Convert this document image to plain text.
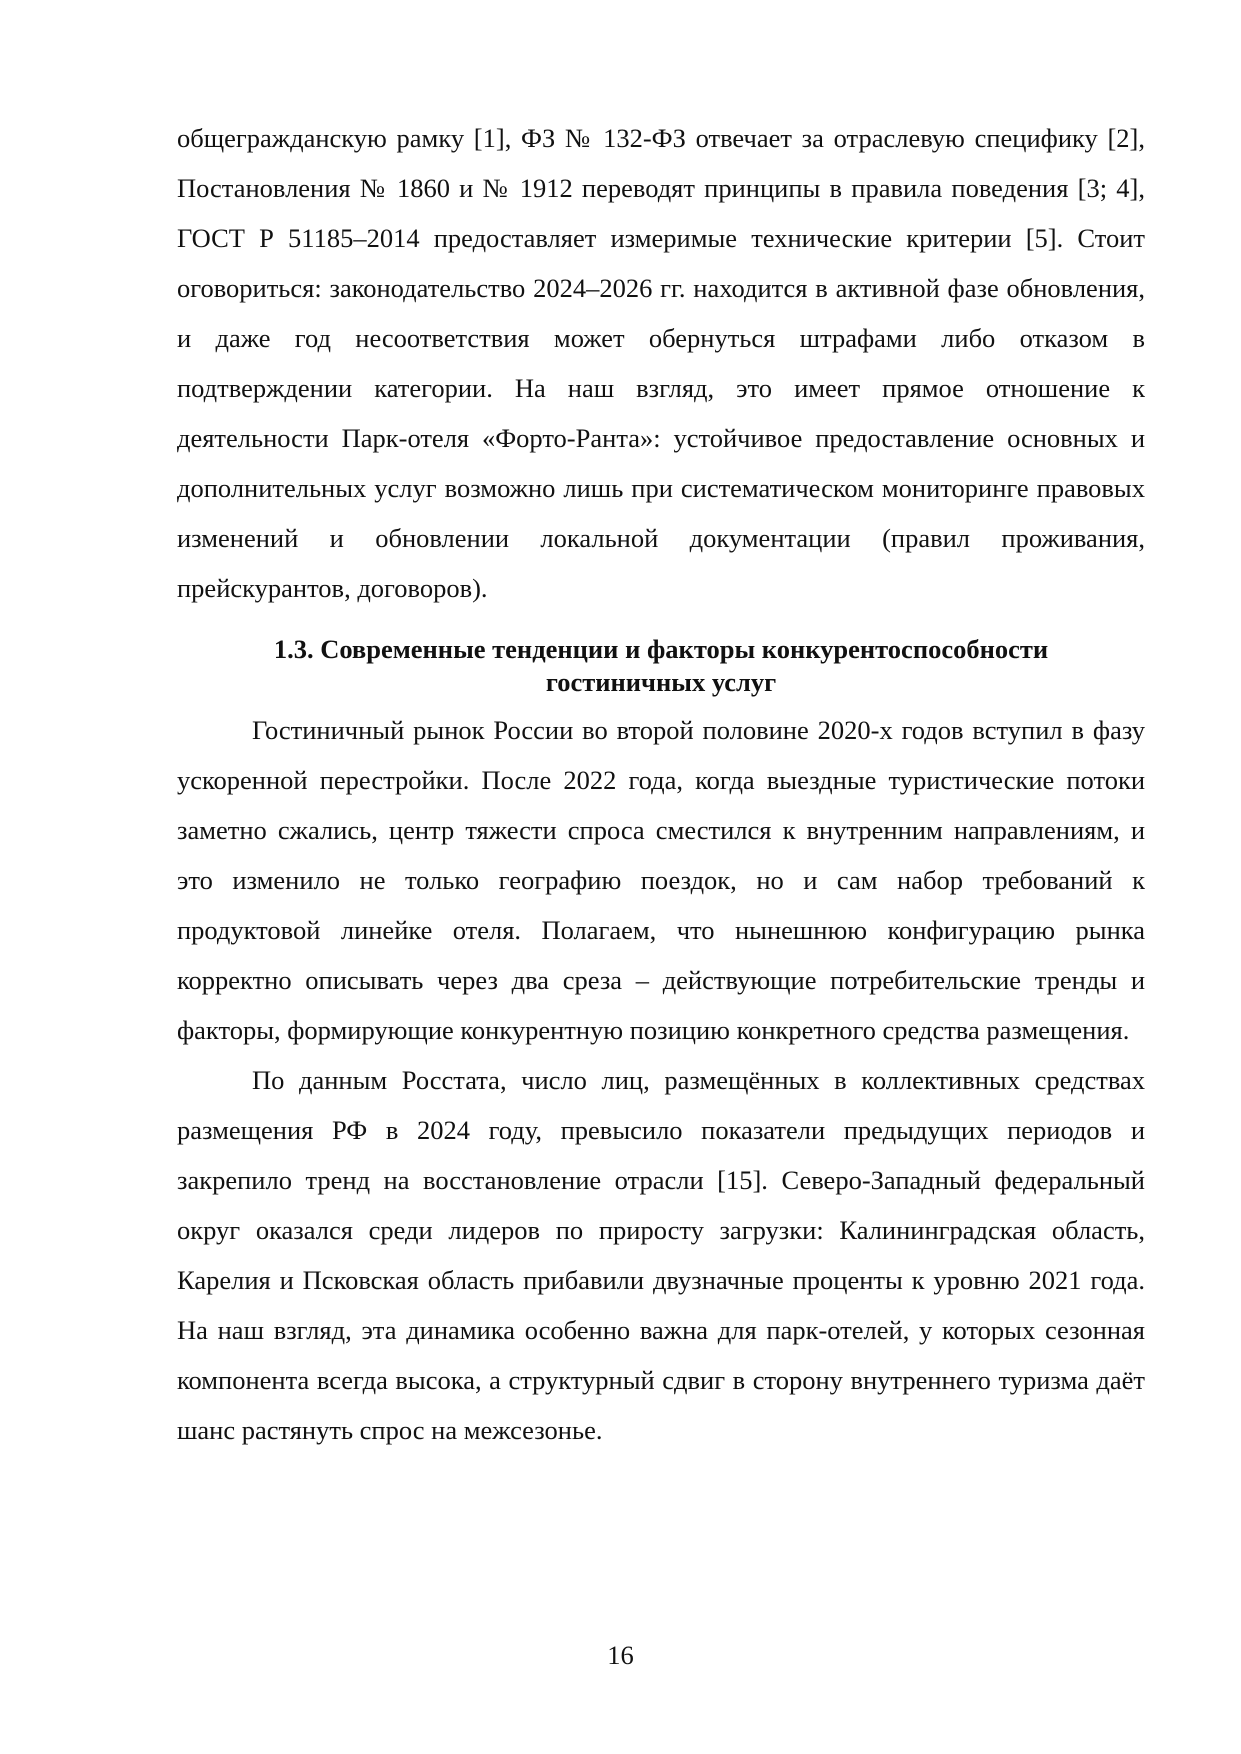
общегражданскую рамку [1], ФЗ № 132-ФЗ отвечает за отраслевую специфику [2], Постановления № 1860 и № 1912 переводят принципы в правила поведения [3; 4], ГОСТ Р 51185–2014 предоставляет измеримые технические критерии [5]. Стоит оговориться: законодательство 2024–2026 гг. находится в активной фазе обновления, и даже год несоответствия может обернуться штрафами либо отказом в подтверждении категории. На наш взгляд, это имеет прямое отношение к деятельности Парк-отеля «Форто-Ранта»: устойчивое предоставление основных и дополнительных услуг возможно лишь при систематическом мониторинге правовых изменений и обновлении локальной документации (правил проживания, прейскурантов, договоров).

1.3. Современные тенденции и факторы конкурентоспособности
гостиничных услуг

Гостиничный рынок России во второй половине 2020-х годов вступил в фазу ускоренной перестройки. После 2022 года, когда выездные туристические потоки заметно сжались, центр тяжести спроса сместился к внутренним направлениям, и это изменило не только географию поездок, но и сам набор требований к продуктовой линейке отеля. Полагаем, что нынешнюю конфигурацию рынка корректно описывать через два среза – действующие потребительские тренды и факторы, формирующие конкурентную позицию конкретного средства размещения.

По данным Росстата, число лиц, размещённых в коллективных средствах размещения РФ в 2024 году, превысило показатели предыдущих периодов и закрепило тренд на восстановление отрасли [15]. Северо-Западный федеральный округ оказался среди лидеров по приросту загрузки: Калининградская область, Карелия и Псковская область прибавили двузначные проценты к уровню 2021 года. На наш взгляд, эта динамика особенно важна для парк-отелей, у которых сезонная компонента всегда высока, а структурный сдвиг в сторону внутреннего туризма даёт шанс растянуть спрос на межсезонье.

16
